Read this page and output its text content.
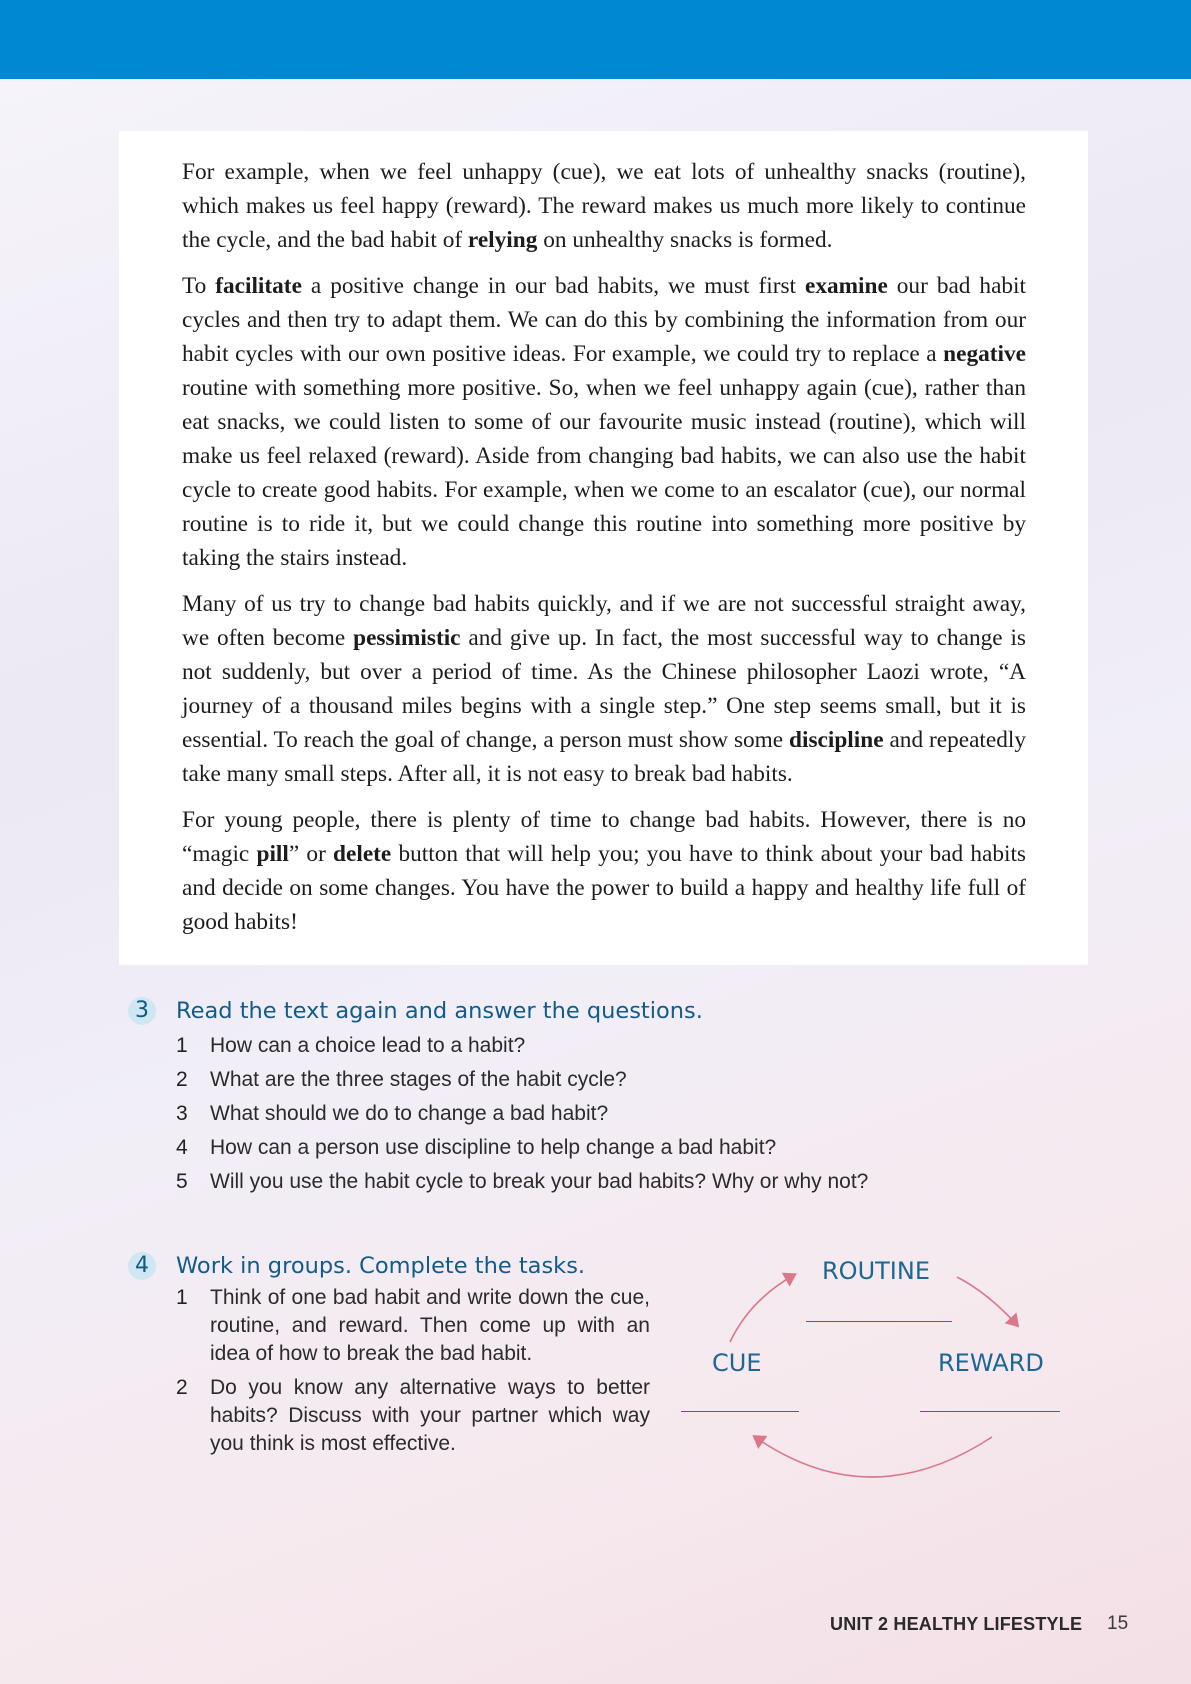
For example, when we feel unhappy (cue), we eat lots of unhealthy snacks (routine), which makes us feel happy (reward). The reward makes us much more likely to continue the cycle, and the bad habit of relying on unhealthy snacks is formed.

To facilitate a positive change in our bad habits, we must first examine our bad habit cycles and then try to adapt them. We can do this by combining the information from our habit cycles with our own positive ideas. For example, we could try to replace a negative routine with something more positive. So, when we feel unhappy again (cue), rather than eat snacks, we could listen to some of our favourite music instead (routine), which will make us feel relaxed (reward). Aside from changing bad habits, we can also use the habit cycle to create good habits. For example, when we come to an escalator (cue), our normal routine is to ride it, but we could change this routine into something more positive by taking the stairs instead.

Many of us try to change bad habits quickly, and if we are not successful straight away, we often become pessimistic and give up. In fact, the most successful way to change is not suddenly, but over a period of time. As the Chinese philosopher Laozi wrote, “A journey of a thousand miles begins with a single step.” One step seems small, but it is essential. To reach the goal of change, a person must show some discipline and repeatedly take many small steps. After all, it is not easy to break bad habits.

For young people, there is plenty of time to change bad habits. However, there is no “magic pill” or delete button that will help you; you have to think about your bad habits and decide on some changes. You have the power to build a happy and healthy life full of good habits!

3	Read the text again and answer the questions.
1 How can a choice lead to a habit?
2 What are the three stages of the habit cycle?
3 What should we do to change a bad habit?
4 How can a person use discipline to help change a bad habit?
5 Will you use the habit cycle to break your bad habits? Why or why not?
4	Work in groups. Complete the tasks.
1 Think of one bad habit and write down the cue, routine, and reward. Then come up with an idea of how to break the bad habit.
2 Do you know any alternative ways to better habits? Discuss with your partner which way you think is most effective.
ROUTINE
CUE	REWARD
UNIT 2 HEALTHY LIFESTYLE 15
